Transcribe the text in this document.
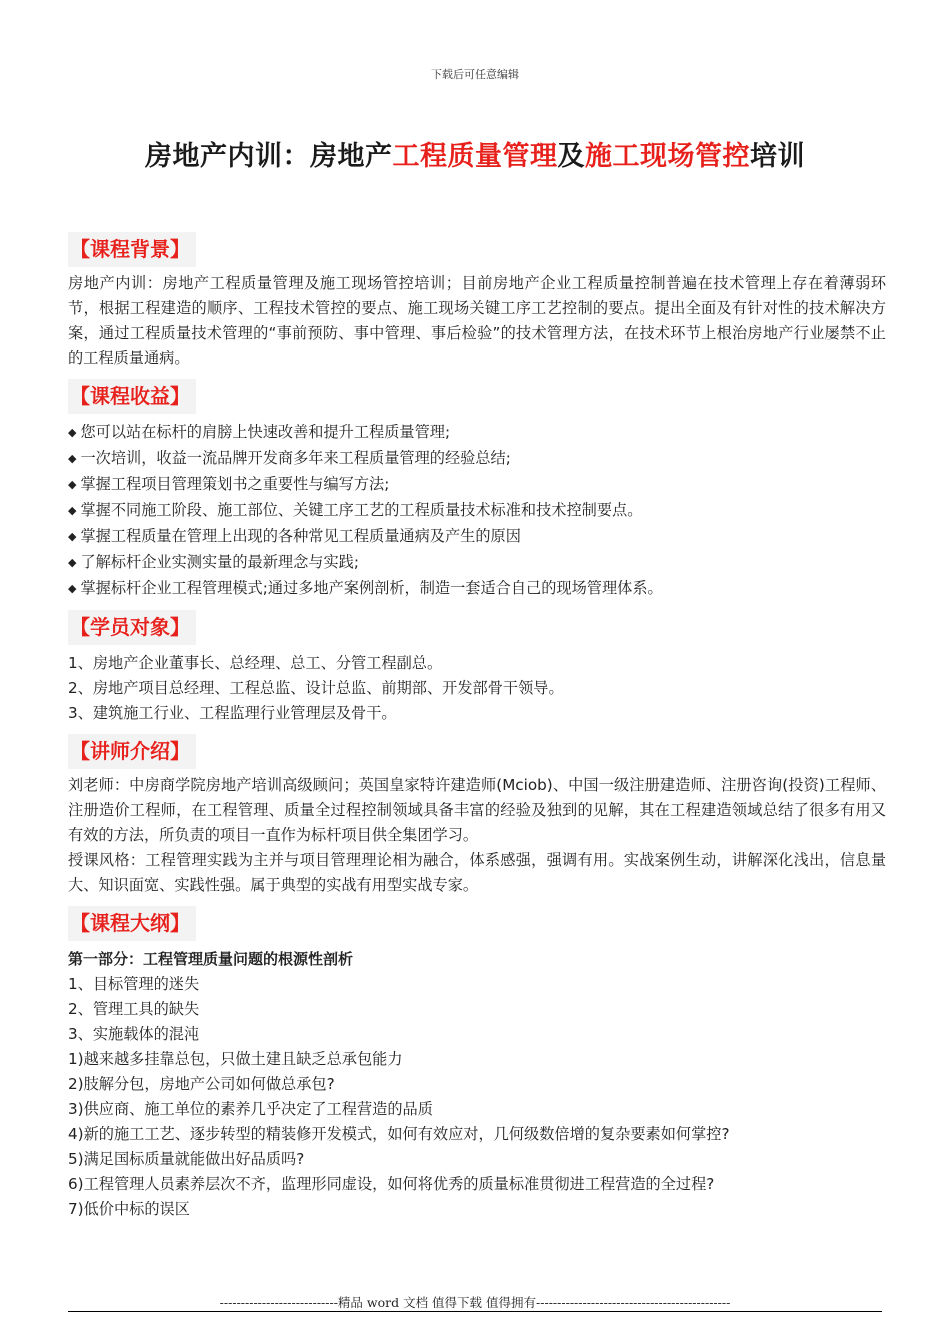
下载后可任意编辑
房地产内训：房地产工程质量管理及施工现场管控培训
【课程背景】

房地产内训：房地产工程质量管理及施工现场管控培训；目前房地产企业工程质量控制普遍在技术管理上存在着薄弱环节，根据工程建造的顺序、工程技术管控的要点、施工现场关键工序工艺控制的要点。提出全面及有针对性的技术解决方案，通过工程质量技术管理的“事前预防、事中管理、事后检验”的技术管理方法，在技术环节上根治房地产行业屡禁不止的工程质量通病。

【课程收益】
◆ 您可以站在标杆的肩膀上快速改善和提升工程质量管理;
◆ 一次培训，收益一流品牌开发商多年来工程质量管理的经验总结;
◆ 掌握工程项目管理策划书之重要性与编写方法;
◆ 掌握不同施工阶段、施工部位、关键工序工艺的工程质量技术标准和技术控制要点。
◆ 掌握工程质量在管理上出现的各种常见工程质量通病及产生的原因
◆ 了解标杆企业实测实量的最新理念与实践;
◆ 掌握标杆企业工程管理模式;通过多地产案例剖析，制造一套适合自己的现场管理体系。
【学员对象】
1、房地产企业董事长、总经理、总工、分管工程副总。
2、房地产项目总经理、工程总监、设计总监、前期部、开发部骨干领导。
3、建筑施工行业、工程监理行业管理层及骨干。
【讲师介绍】

刘老师：中房商学院房地产培训高级顾问；英国皇家特许建造师(Mciob)、中国一级注册建造师、注册咨询(投资)工程师、注册造价工程师，在工程管理、质量全过程控制领域具备丰富的经验及独到的见解，其在工程建造领域总结了很多有用又有效的方法，所负责的项目一直作为标杆项目供全集团学习。

授课风格：工程管理实践为主并与项目管理理论相为融合，体系感强，强调有用。实战案例生动，讲解深化浅出，信息量大、知识面宽、实践性强。属于典型的实战有用型实战专家。

【课程大纲】
第一部分：工程管理质量问题的根源性剖析
1、目标管理的迷失
2、管理工具的缺失
3、实施载体的混沌
1)越来越多挂靠总包，只做土建且缺乏总承包能力
2)肢解分包，房地产公司如何做总承包?
3)供应商、施工单位的素养几乎决定了工程营造的品质
4)新的施工工艺、逐步转型的精装修开发模式，如何有效应对，几何级数倍增的复杂要素如何掌控?
5)满足国标质量就能做出好品质吗?
6)工程管理人员素养层次不齐，监理形同虚设，如何将优秀的质量标准贯彻进工程营造的全过程?
7)低价中标的误区
----------------------------精品 word 文档 值得下载 值得拥有----------------------------------------------
